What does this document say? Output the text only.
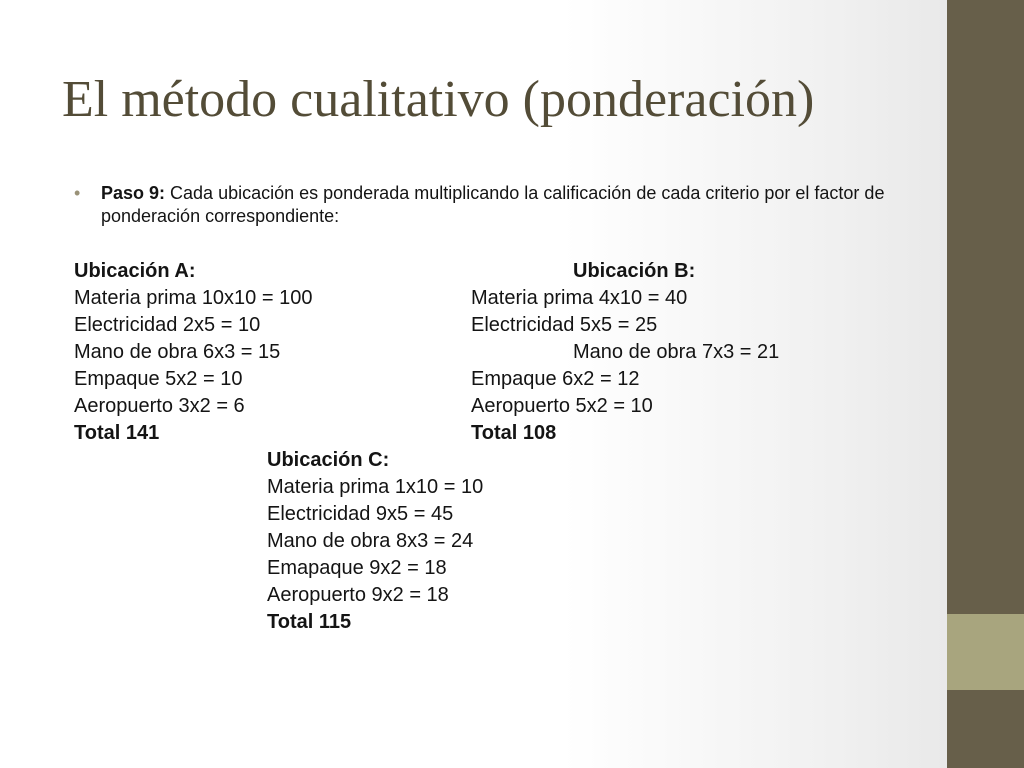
El método cualitativo (ponderación)
• Paso 9: Cada ubicación es ponderada multiplicando la calificación de cada criterio por el factor de ponderación correspondiente:
Ubicación A:
Materia prima 10x10 = 100
Electricidad 2x5 = 10
Mano de obra 6x3 = 15
Empaque 5x2 = 10
Aeropuerto 3x2 = 6
Total 141
Ubicación B:
Materia prima 4x10 = 40
Electricidad 5x5 = 25
Mano de obra 7x3 = 21
Empaque 6x2 = 12
Aeropuerto 5x2 = 10
Total 108
Ubicación C:
Materia prima 1x10 = 10
Electricidad 9x5 = 45
Mano de obra 8x3 = 24
Emapaque 9x2 = 18
Aeropuerto 9x2 = 18
Total 115
